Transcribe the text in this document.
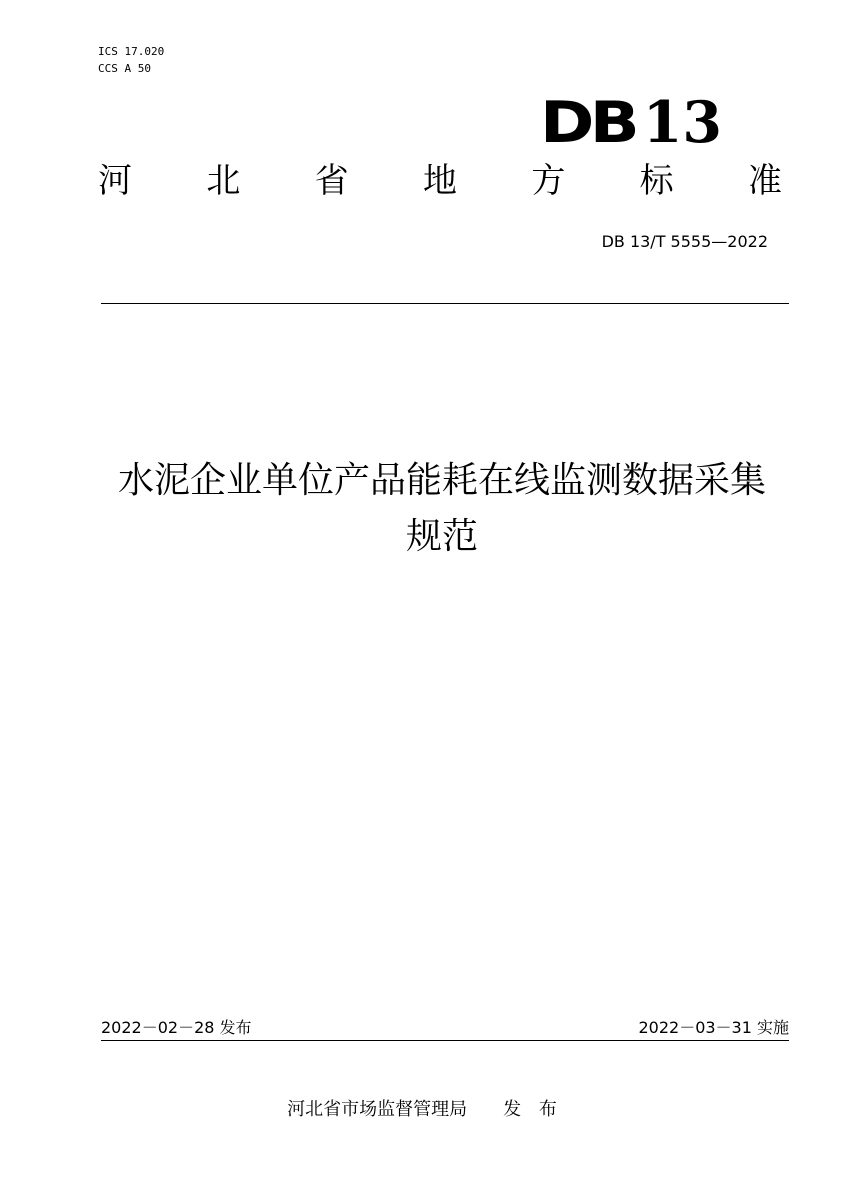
ICS 17.020
CCS A 50
DB 13
河 北 省 地 方 标 准
DB 13/T 5555—2022
水泥企业单位产品能耗在线监测数据采集
规范
2022－02－28 发布	2022－03－31 实施
河北省市场监督管理局 发 布
